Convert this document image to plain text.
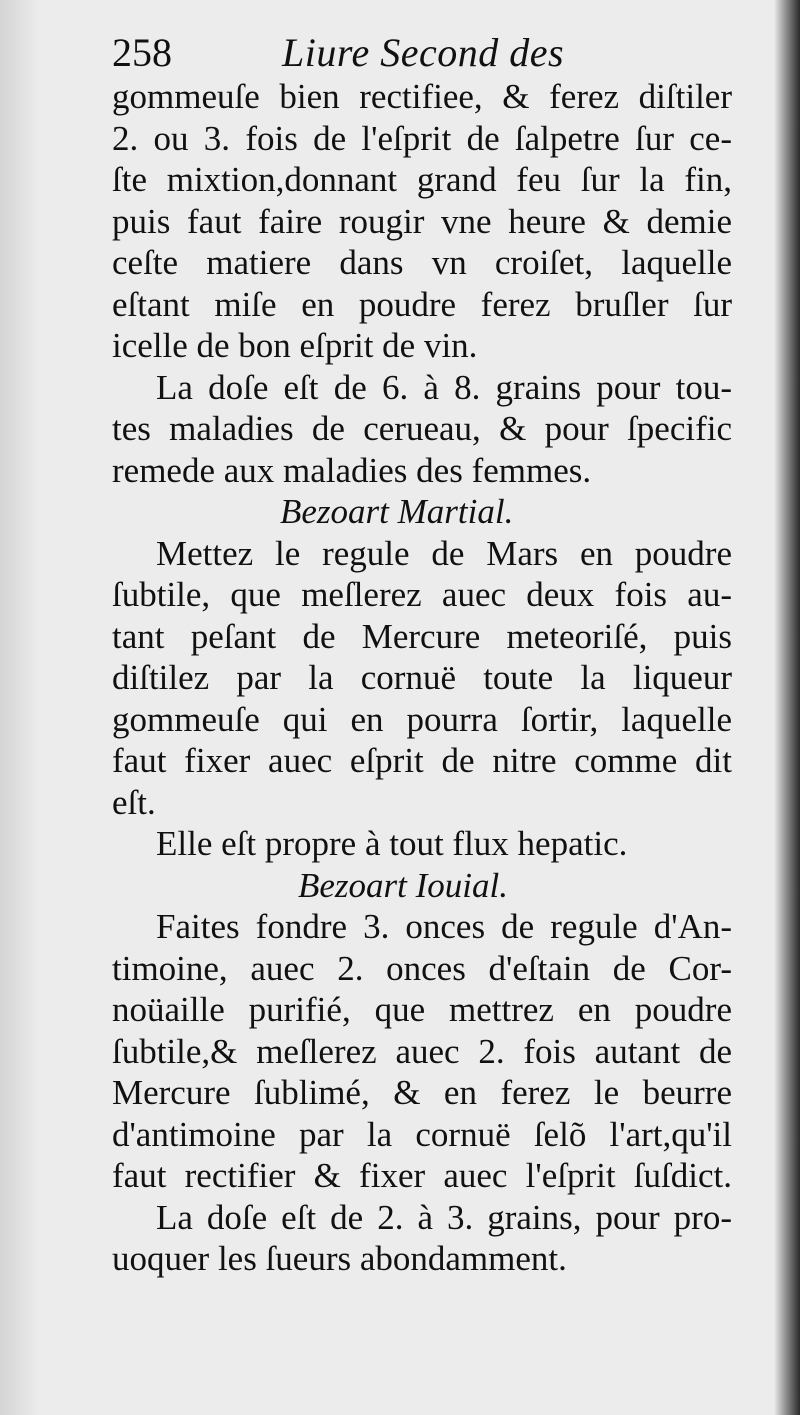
258	Liure Second des
gommeuſe bien rectifiee, & ferez diſtiler
2. ou 3. fois de l'eſprit de ſalpetre ſur ce-
ſte mixtion,donnant grand feu ſur la fin,
puis faut faire rougir vne heure & demie
ceſte matiere dans vn croiſet, laquelle
eſtant miſe en poudre ferez bruſler ſur
icelle de bon eſprit de vin.
La doſe eſt de 6. à 8. grains pour tou-
tes maladies de cerueau, & pour ſpecific
remede aux maladies des femmes.
Bezoart Martial.
Mettez le regule de Mars en poudre
ſubtile, que meſlerez auec deux fois au-
tant peſant de Mercure meteoriſé, puis
diſtilez par la cornuë toute la liqueur
gommeuſe qui en pourra ſortir, laquelle
faut fixer auec eſprit de nitre comme dit
eſt.
Elle eſt propre à tout flux hepatic.
Bezoart Iouial.
Faites fondre 3. onces de regule d'An-
timoine, auec 2. onces d'eſtain de Cor-
noüaille purifié, que mettrez en poudre
ſubtile,& meſlerez auec 2. fois autant de
Mercure ſublimé, & en ferez le beurre
d'antimoine par la cornuë ſelõ l'art,qu'il
faut rectifier & fixer auec l'eſprit ſuſdict.
La doſe eſt de 2. à 3. grains, pour pro-
uoquer les ſueurs abondamment.
